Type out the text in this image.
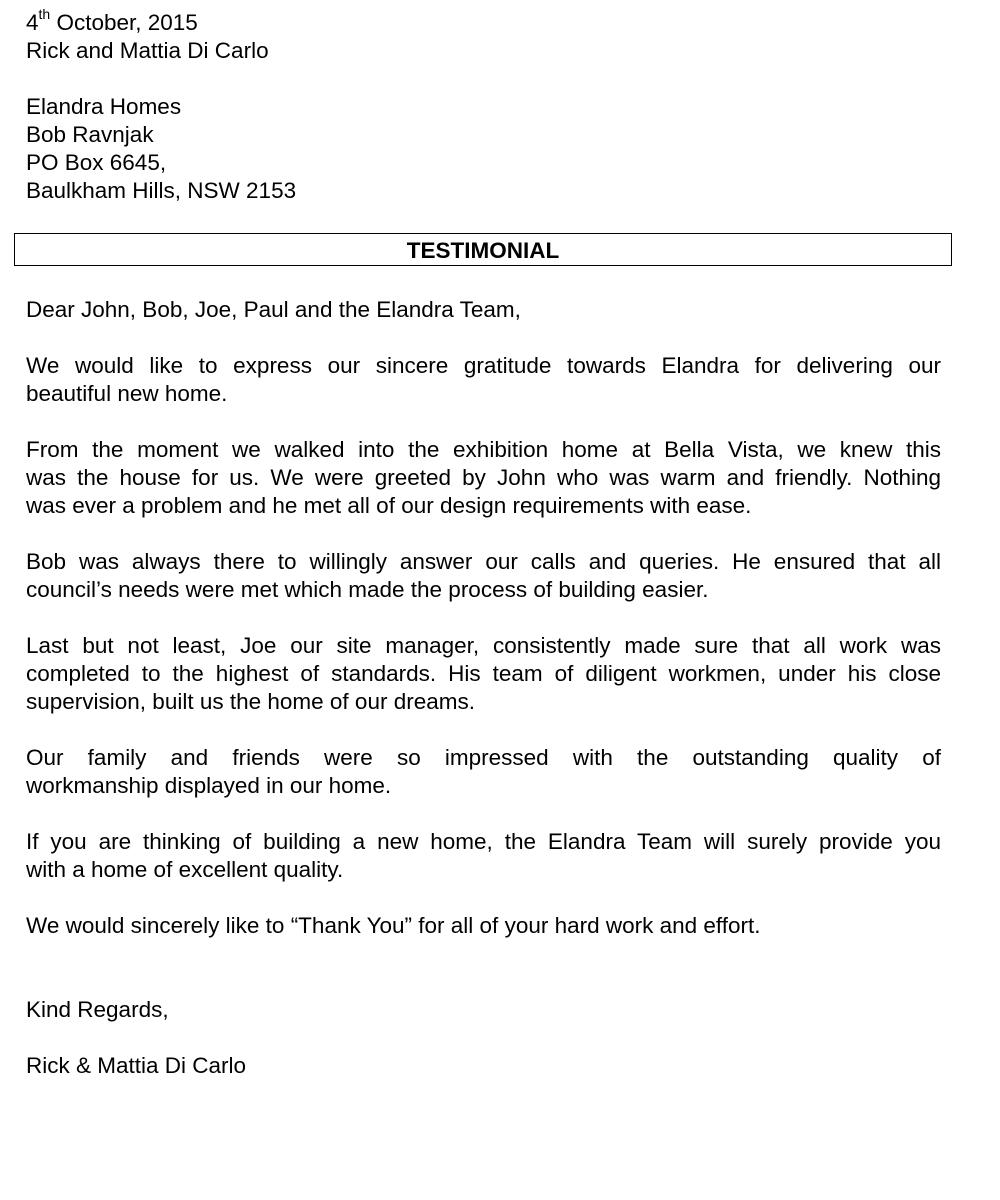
4th October, 2015
Rick and Mattia Di Carlo
Elandra Homes
Bob Ravnjak
PO Box 6645,
Baulkham Hills, NSW 2153
TESTIMONIAL
Dear John, Bob, Joe, Paul and the Elandra Team,
We would like to express our sincere gratitude towards Elandra for delivering our
beautiful new home.
From the moment we walked into the exhibition home at Bella Vista, we knew this
was the house for us. We were greeted by John who was warm and friendly. Nothing
was ever a problem and he met all of our design requirements with ease.
Bob was always there to willingly answer our calls and queries. He ensured that all
council’s needs were met which made the process of building easier.
Last but not least, Joe our site manager, consistently made sure that all work was
completed to the highest of standards. His team of diligent workmen, under his close
supervision, built us the home of our dreams.
Our family and friends were so impressed with the outstanding quality of
workmanship displayed in our home.
If you are thinking of building a new home, the Elandra Team will surely provide you
with a home of excellent quality.
We would sincerely like to “Thank You” for all of your hard work and effort.
Kind Regards,
Rick & Mattia Di Carlo
